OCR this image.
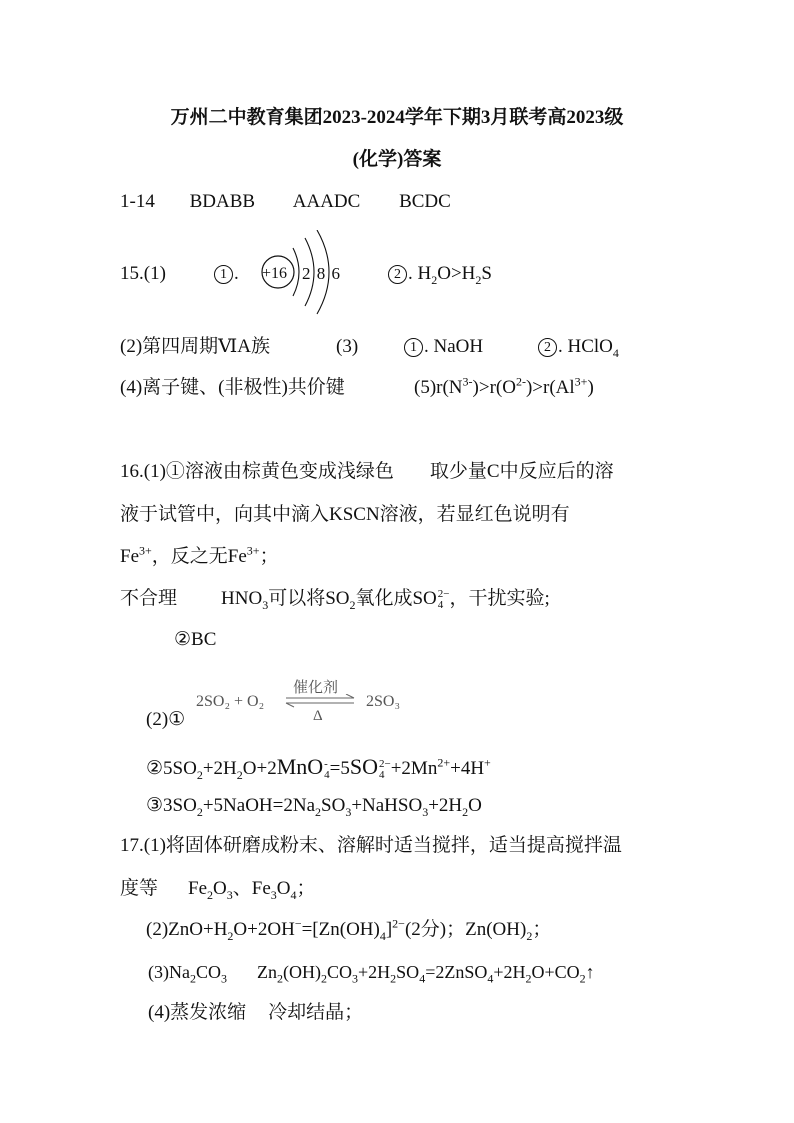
万州二中教育集团2023-2024学年下期3月联考高2023级
(化学)答案
1-14 BDABB AAADC BCDC
15.(1)	1 . +16 2 8 6	2 . $H_2O>H_2S$
(2)第四周期ⅥA族	(3)	1 . NaOH	2 . HClO$_4$
(4)离子键、(非极性)共价键	$(5)r(N^{3-})>r(O^{2-})>r(Al^{3+})$
16.(1)①溶液由棕黄色变成浅绿色 取少量C中反应后的溶
液于试管中，向其中滴入KSCN溶液，若显红色说明有
$Fe^{3+}$，反之无$Fe^{3+}$；
不合理 $HNO_3$可以将$SO_2$氧化成SO 2−
4 ，干扰实验;
②BC
(2)①
2SO₂ + O₂
催化剂
Δ
2SO₃
$②5SO_2+2H_2O+2MnO$ -
4 =5SO 2−
$4 +2Mn^{2+}+4H^+$
$③3SO_2+5NaOH=2Na_2SO_3+NaHSO_3+2H_2O$
17.(1)将固体研磨成粉末、溶解时适当搅拌，适当提高搅拌温
度等 $Fe_2O_3$、$Fe_3O_4$；
$(2)ZnO+H_2O+2OH^-=[Zn(OH)_4]^{2-}(2$分)；$Zn(OH)_2$；
$(3)Na_2CO_3$ $Zn_2(OH)_2CO_3+2H_2SO_4=2ZnSO_4+2H_2O+CO_2↑$
(4)蒸发浓缩 冷却结晶；
